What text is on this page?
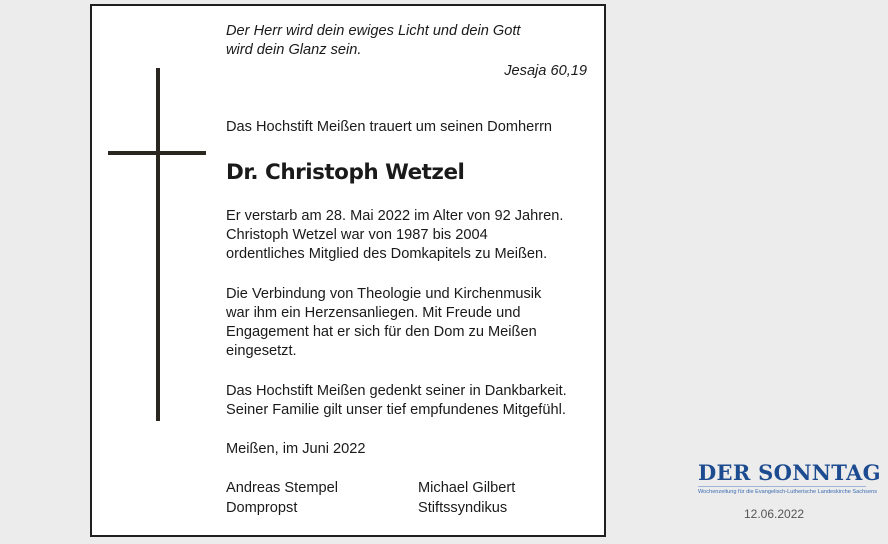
Der Herr wird dein ewiges Licht und dein Gott
wird dein Glanz sein.
Jesaja 60,19
Das Hochstift Meißen trauert um seinen Domherrn
Dr. Christoph Wetzel
Er verstarb am 28. Mai 2022 im Alter von 92 Jahren.
Christoph Wetzel war von 1987 bis 2004
ordentliches Mitglied des Domkapitels zu Meißen.
Die Verbindung von Theologie und Kirchenmusik
war ihm ein Herzensanliegen. Mit Freude und
Engagement hat er sich für den Dom zu Meißen
eingesetzt.
Das Hochstift Meißen gedenkt seiner in Dankbarkeit.
Seiner Familie gilt unser tief empfundenes Mitgefühl.
Meißen, im Juni 2022
Andreas Stempel
Dompropst
Michael Gilbert
Stiftssyndikus
DER SONNTAG
Wochenzeitung für die Evangelisch-Lutherische Landeskirche Sachsens
12.06.2022
